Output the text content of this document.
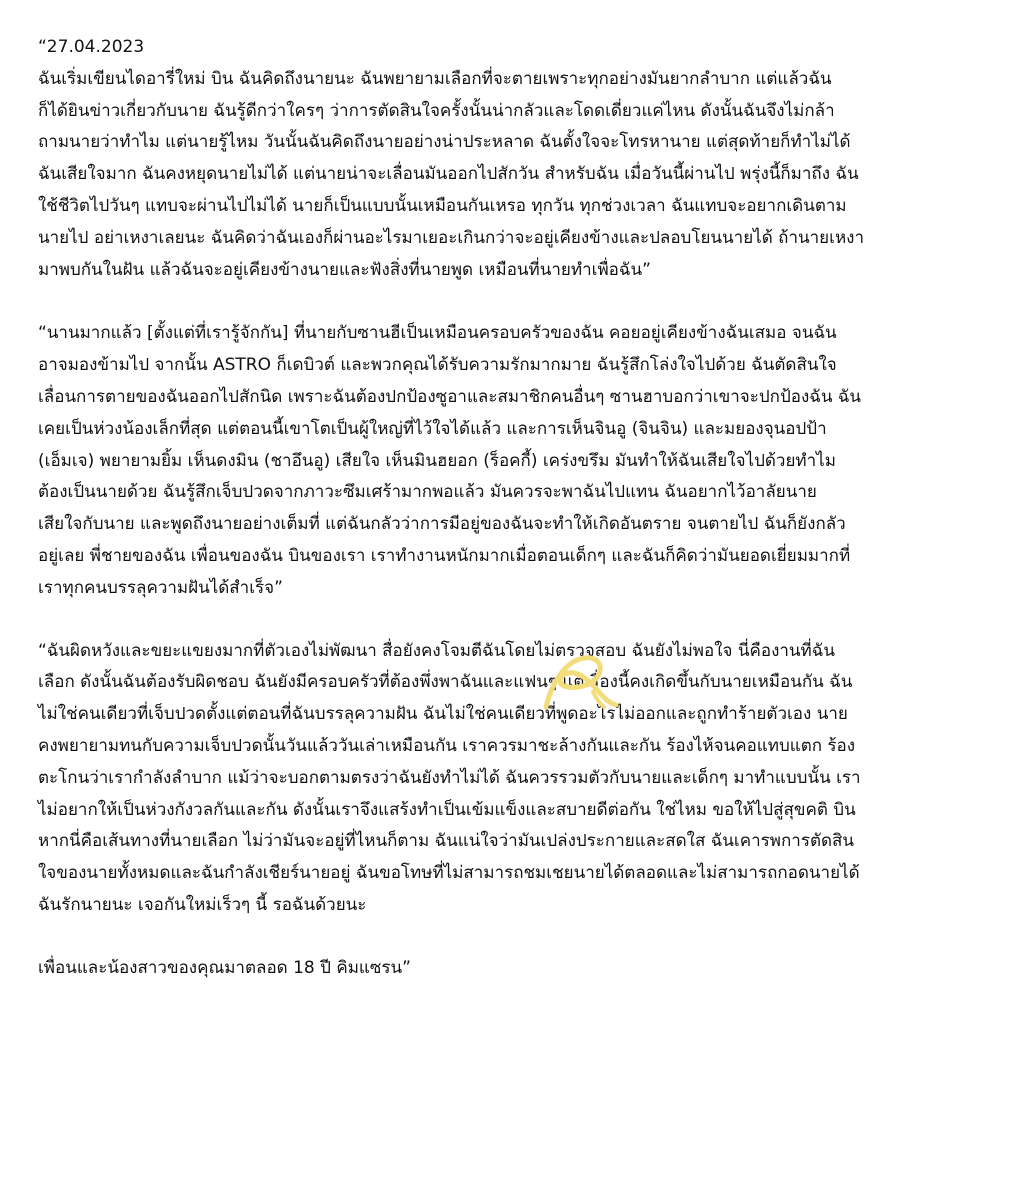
“27.04.2023
ฉันเริ่มเขียนไดอารี่ใหม่ บิน ฉันคิดถึงนายนะ ฉันพยายามเลือกที่จะตายเพราะทุกอย่างมันยากลำบาก แต่แล้วฉัน
ก็ได้ยินข่าวเกี่ยวกับนาย ฉันรู้ดีกว่าใครๆ ว่าการตัดสินใจครั้งนั้นน่ากลัวและโดดเดี่ยวแค่ไหน ดังนั้นฉันจึงไม่กล้า
ถามนายว่าทำไม แต่นายรู้ไหม วันนั้นฉันคิดถึงนายอย่างน่าประหลาด ฉันตั้งใจจะโทรหานาย แต่สุดท้ายก็ทำไม่ได้
ฉันเสียใจมาก ฉันคงหยุดนายไม่ได้ แต่นายน่าจะเลื่อนมันออกไปสักวัน สำหรับฉัน เมื่อวันนี้ผ่านไป พรุ่งนี้ก็มาถึง ฉัน
ใช้ชีวิตไปวันๆ แทบจะผ่านไปไม่ได้ นายก็เป็นแบบนั้นเหมือนกันเหรอ ทุกวัน ทุกช่วงเวลา ฉันแทบจะอยากเดินตาม
นายไป อย่าเหงาเลยนะ ฉันคิดว่าฉันเองก็ผ่านอะไรมาเยอะเกินกว่าจะอยู่เคียงข้างและปลอบโยนนายได้ ถ้านายเหงา
มาพบกันในฝัน แล้วฉันจะอยู่เคียงข้างนายและฟังสิ่งที่นายพูด เหมือนที่นายทำเพื่อฉัน”

“นานมากแล้ว [ตั้งแต่ที่เรารู้จักกัน] ที่นายกับซานฮีเป็นเหมือนครอบครัวของฉัน คอยอยู่เคียงข้างฉันเสมอ จนฉัน
อาจมองข้ามไป จากนั้น ASTRO ก็เดบิวต์ และพวกคุณได้รับความรักมากมาย ฉันรู้สึกโล่งใจไปด้วย ฉันตัดสินใจ
เลื่อนการตายของฉันออกไปสักนิด เพราะฉันต้องปกป้องซูอาและสมาชิกคนอื่นๆ ซานฮาบอกว่าเขาจะปกป้องฉัน ฉัน
เคยเป็นห่วงน้องเล็กที่สุด แต่ตอนนี้เขาโตเป็นผู้ใหญ่ที่ไว้ใจได้แล้ว และการเห็นจินอู (จินจิน) และมยองจุนอปป้า
(เอ็มเจ) พยายามยิ้ม เห็นดงมิน (ชาอึนอู) เสียใจ เห็นมินฮยอก (ร็อคกี้) เคร่งขรึม มันทำให้ฉันเสียใจไปด้วยทำไม
ต้องเป็นนายด้วย ฉันรู้สึกเจ็บปวดจากภาวะซึมเศร้ามากพอแล้ว มันควรจะพาฉันไปแทน ฉันอยากไว้อาลัยนาย
เสียใจกับนาย และพูดถึงนายอย่างเต็มที่ แต่ฉันกลัวว่าการมีอยู่ของฉันจะทำให้เกิดอันตราย จนตายไป ฉันก็ยังกลัว
อยู่เลย พี่ชายของฉัน เพื่อนของฉัน บินของเรา เราทำงานหนักมากเมื่อตอนเด็กๆ และฉันก็คิดว่ามันยอดเยี่ยมมากที่
เราทุกคนบรรลุความฝันได้สำเร็จ”

“ฉันผิดหวังและขยะแขยงมากที่ตัวเองไม่พัฒนา สื่อยังคงโจมตีฉันโดยไม่ตรวจสอบ ฉันยังไม่พอใจ นี่คืองานที่ฉัน
เลือก ดังนั้นฉันต้องรับผิดชอบ ฉันยังมีครอบครัวที่ต้องพึ่งพาฉันและแฟนๆ แต่เรื่องนี้คงเกิดขึ้นกับนายเหมือนกัน ฉัน
ไม่ใช่คนเดียวที่เจ็บปวดตั้งแต่ตอนที่ฉันบรรลุความฝัน ฉันไม่ใช่คนเดียวที่พูดอะไรไม่ออกและถูกทำร้ายตัวเอง นาย
คงพยายามทนกับความเจ็บปวดนั้นวันแล้ววันเล่าเหมือนกัน เราควรมาชะล้างกันและกัน ร้องไห้จนคอแทบแตก ร้อง
ตะโกนว่าเรากำลังลำบาก แม้ว่าจะบอกตามตรงว่าฉันยังทำไม่ได้ ฉันควรรวมตัวกับนายและเด็กๆ มาทำแบบนั้น เรา
ไม่อยากให้เป็นห่วงกังวลกันและกัน ดังนั้นเราจึงแสร้งทำเป็นเข้มแข็งและสบายดีต่อกัน ใช่ไหม ขอให้ไปสู่สุขคติ บิน
หากนี่คือเส้นทางที่นายเลือก ไม่ว่ามันจะอยู่ที่ไหนก็ตาม ฉันแน่ใจว่ามันเปล่งประกายและสดใส ฉันเคารพการตัดสิน
ใจของนายทั้งหมดและฉันกำลังเชียร์นายอยู่ ฉันขอโทษที่ไม่สามารถชมเชยนายได้ตลอดและไม่สามารถกอดนายได้
ฉันรักนายนะ เจอกันใหม่เร็วๆ นี้ รอฉันด้วยนะ

เพื่อนและน้องสาวของคุณมาตลอด 18 ปี คิมแซรน”
